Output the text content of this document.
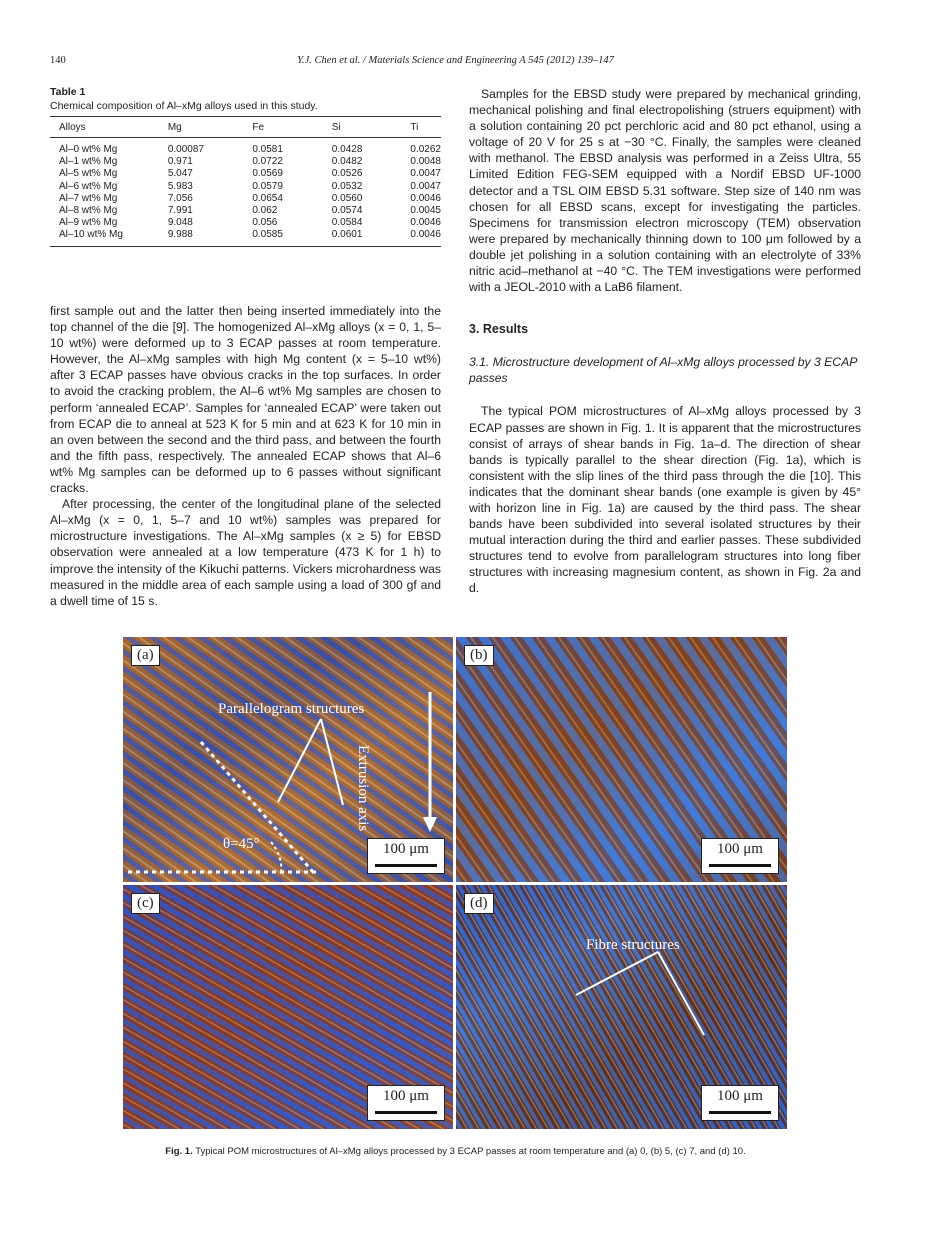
140	Y.J. Chen et al. / Materials Science and Engineering A 545 (2012) 139–147
Table 1
Chemical composition of Al–xMg alloys used in this study.
Alloys	Mg	Fe	Si	Ti
Al–0 wt% Mg	0.00087	0.0581	0.0428	0.0262
Al–1 wt% Mg	0.971	0.0722	0.0482	0.0048
Al–5 wt% Mg	5.047	0.0569	0.0526	0.0047
Al–6 wt% Mg	5.983	0.0579	0.0532	0.0047
Al–7 wt% Mg	7.056	0.0654	0.0560	0.0046
Al–8 wt% Mg	7.991	0.062	0.0574	0.0045
Al–9 wt% Mg	9.048	0.056	0.0584	0.0046
Al–10 wt% Mg	9.988	0.0585	0.0601	0.0046

first sample out and the latter then being inserted immediately into the top channel of the die [9]. The homogenized Al–xMg alloys (x = 0, 1, 5–10 wt%) were deformed up to 3 ECAP passes at room temperature. However, the Al–xMg samples with high Mg content (x = 5–10 wt%) after 3 ECAP passes have obvious cracks in the top surfaces. In order to avoid the cracking problem, the Al–6 wt% Mg samples are chosen to perform ‘annealed ECAP’. Samples for ‘annealed ECAP’ were taken out from ECAP die to anneal at 523 K for 5 min and at 623 K for 10 min in an oven between the second and the third pass, and between the fourth and the fifth pass, respectively. The annealed ECAP shows that Al–6 wt% Mg samples can be deformed up to 6 passes without significant cracks.

After processing, the center of the longitudinal plane of the selected Al–xMg (x = 0, 1, 5–7 and 10 wt%) samples was prepared for microstructure investigations. The Al–xMg samples (x ≥ 5) for EBSD observation were annealed at a low temperature (473 K for 1 h) to improve the intensity of the Kikuchi patterns. Vickers microhardness was measured in the middle area of each sample using a load of 300 gf and a dwell time of 15 s.

Samples for the EBSD study were prepared by mechanical grinding, mechanical polishing and final electropolishing (struers equipment) with a solution containing 20 pct perchloric acid and 80 pct ethanol, using a voltage of 20 V for 25 s at −30 °C. Finally, the samples were cleaned with methanol. The EBSD analysis was performed in a Zeiss Ultra, 55 Limited Edition FEG-SEM equipped with a Nordif EBSD UF-1000 detector and a TSL OIM EBSD 5.31 software. Step size of 140 nm was chosen for all EBSD scans, except for investigating the particles. Specimens for transmission electron microscopy (TEM) observation were prepared by mechanically thinning down to 100 μm followed by a double jet polishing in a solution containing with an electrolyte of 33% nitric acid–methanol at −40 °C. The TEM investigations were performed with a JEOL-2010 with a LaB6 filament.

3. Results
3.1. Microstructure development of Al–xMg alloys processed by 3 ECAP passes

The typical POM microstructures of Al–xMg alloys processed by 3 ECAP passes are shown in Fig. 1. It is apparent that the microstructures consist of arrays of shear bands in Fig. 1a–d. The direction of shear bands is typically parallel to the shear direction (Fig. 1a), which is consistent with the slip lines of the third pass through the die [10]. This indicates that the dominant shear bands (one example is given by 45° with horizon line in Fig. 1a) are caused by the third pass. The shear bands have been subdivided into several isolated structures by their mutual interaction during the third and earlier passes. These subdivided structures tend to evolve from parallelogram structures into long fiber structures with increasing magnesium content, as shown in Fig. 2a and d.

(a)
Parallelogram structures
Extrusion axis
θ=45°	100 μm
(b)
100 μm
(c)
100 μm
(d)
Fibre structures
100 μm
Fig. 1. Typical POM microstructures of Al–xMg alloys processed by 3 ECAP passes at room temperature and (a) 0, (b) 5, (c) 7, and (d) 10.
